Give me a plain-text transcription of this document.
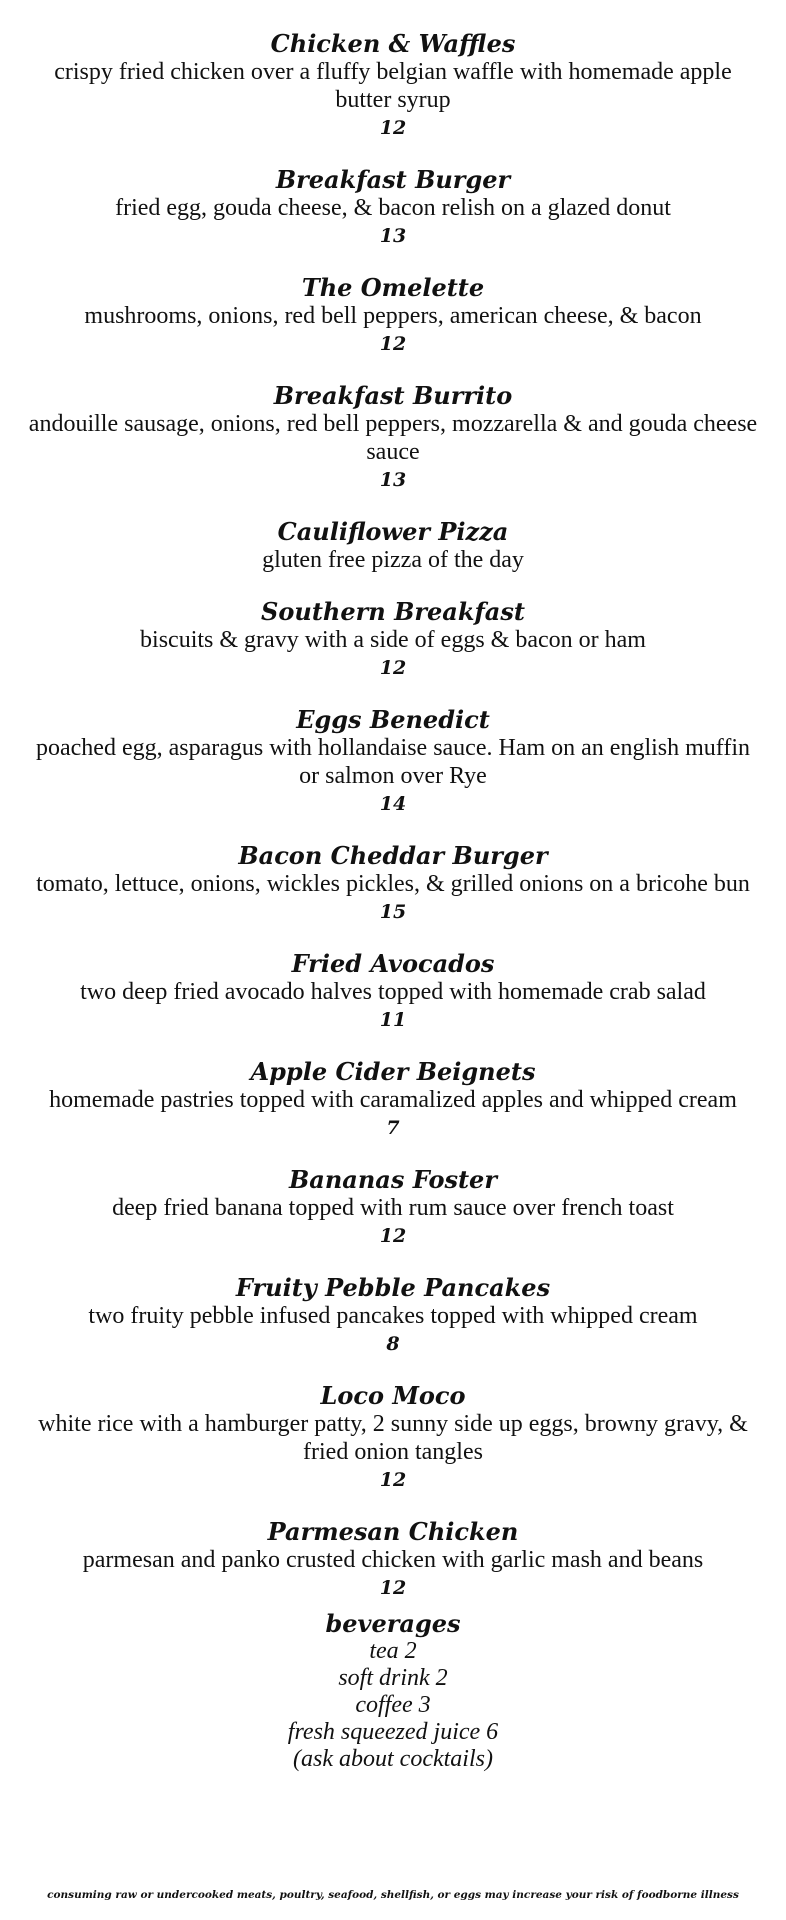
Chicken & Waffles
crispy fried chicken over a fluffy belgian waffle with homemade apple butter syrup
12
Breakfast Burger
fried egg, gouda cheese, & bacon relish on a glazed donut
13
The Omelette
mushrooms, onions, red bell peppers, american cheese, & bacon
12
Breakfast Burrito
andouille sausage, onions, red bell peppers, mozzarella & and gouda cheese sauce
13
Cauliflower Pizza
gluten free pizza of the day
Southern Breakfast
biscuits & gravy with a side of eggs & bacon or ham
12
Eggs Benedict
poached egg, asparagus with hollandaise sauce. Ham on an english muffin or salmon over Rye
14
Bacon Cheddar Burger
tomato, lettuce, onions, wickles pickles, & grilled onions on a bricohe bun
15
Fried Avocados
two deep fried avocado halves topped with homemade crab salad
11
Apple Cider Beignets
homemade pastries topped with caramalized apples and whipped cream
7
Bananas Foster
deep fried banana topped with rum sauce over french toast
12
Fruity Pebble Pancakes
two fruity pebble infused pancakes topped with whipped cream
8
Loco Moco
white rice with a hamburger patty, 2 sunny side up eggs, browny gravy, & fried onion tangles
12
Parmesan Chicken
parmesan and panko crusted chicken with garlic mash and beans
12
beverages
tea 2
soft drink 2
coffee 3
fresh squeezed juice 6
(ask about cocktails)
consuming raw or undercooked meats, poultry, seafood, shellfish, or eggs may increase your risk of foodborne illness
